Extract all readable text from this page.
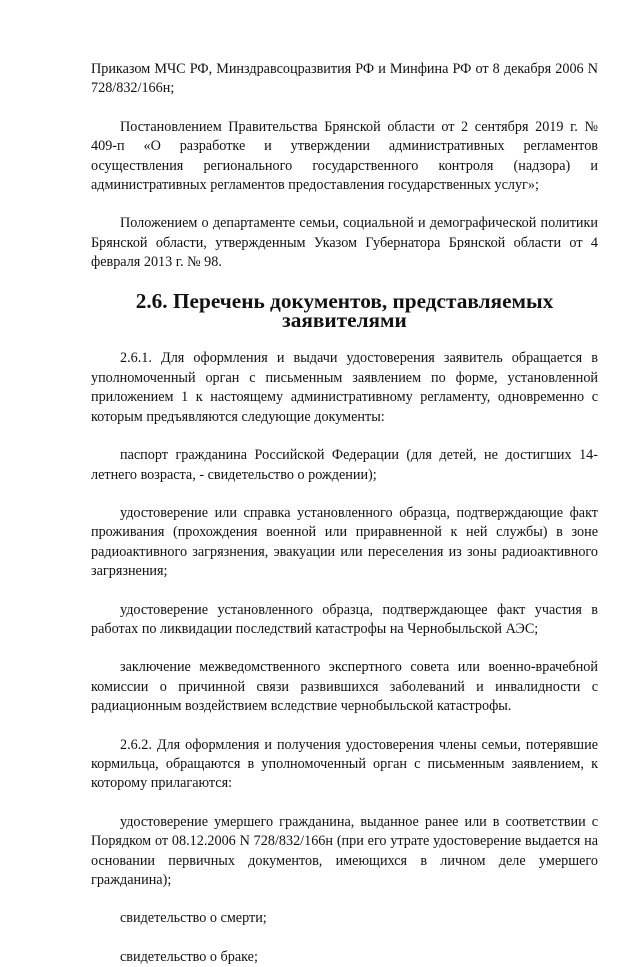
Приказом МЧС РФ, Минздравсоцразвития РФ и Минфина РФ от 8 декабря 2006 N 728/832/166н;

Постановлением Правительства Брянской области от 2 сентября 2019 г. № 409-п «О разработке и утверждении административных регламентов осуществления регионального государственного контроля (надзора) и административных регламентов предоставления государственных услуг»;

Положением о департаменте семьи, социальной и демографической политики Брянской области, утвержденным Указом Губернатора Брянской области от 4 февраля 2013 г. № 98.

2.6. Перечень документов, представляемых заявителями

2.6.1. Для оформления и выдачи удостоверения заявитель обращается в уполномоченный орган с письменным заявлением по форме, установленной приложением 1 к настоящему административному регламенту, одновременно с которым предъявляются следующие документы:

паспорт гражданина Российской Федерации (для детей, не достигших 14-летнего возраста, - свидетельство о рождении);

удостоверение или справка установленного образца, подтверждающие факт проживания (прохождения военной или приравненной к ней службы) в зоне радиоактивного загрязнения, эвакуации или переселения из зоны радиоактивного загрязнения;

удостоверение установленного образца, подтверждающее факт участия в работах по ликвидации последствий катастрофы на Чернобыльской АЭС;

заключение межведомственного экспертного совета или военно-врачебной комиссии о причинной связи развившихся заболеваний и инвалидности с радиационным воздействием вследствие чернобыльской катастрофы.

2.6.2. Для оформления и получения удостоверения члены семьи, потерявшие кормильца, обращаются в уполномоченный орган с письменным заявлением, к которому прилагаются:

удостоверение умершего гражданина, выданное ранее или в соответствии с Порядком от 08.12.2006 N 728/832/166н (при его утрате удостоверение выдается на основании первичных документов, имеющихся в личном деле умершего гражданина);

свидетельство о смерти;

свидетельство о браке;
